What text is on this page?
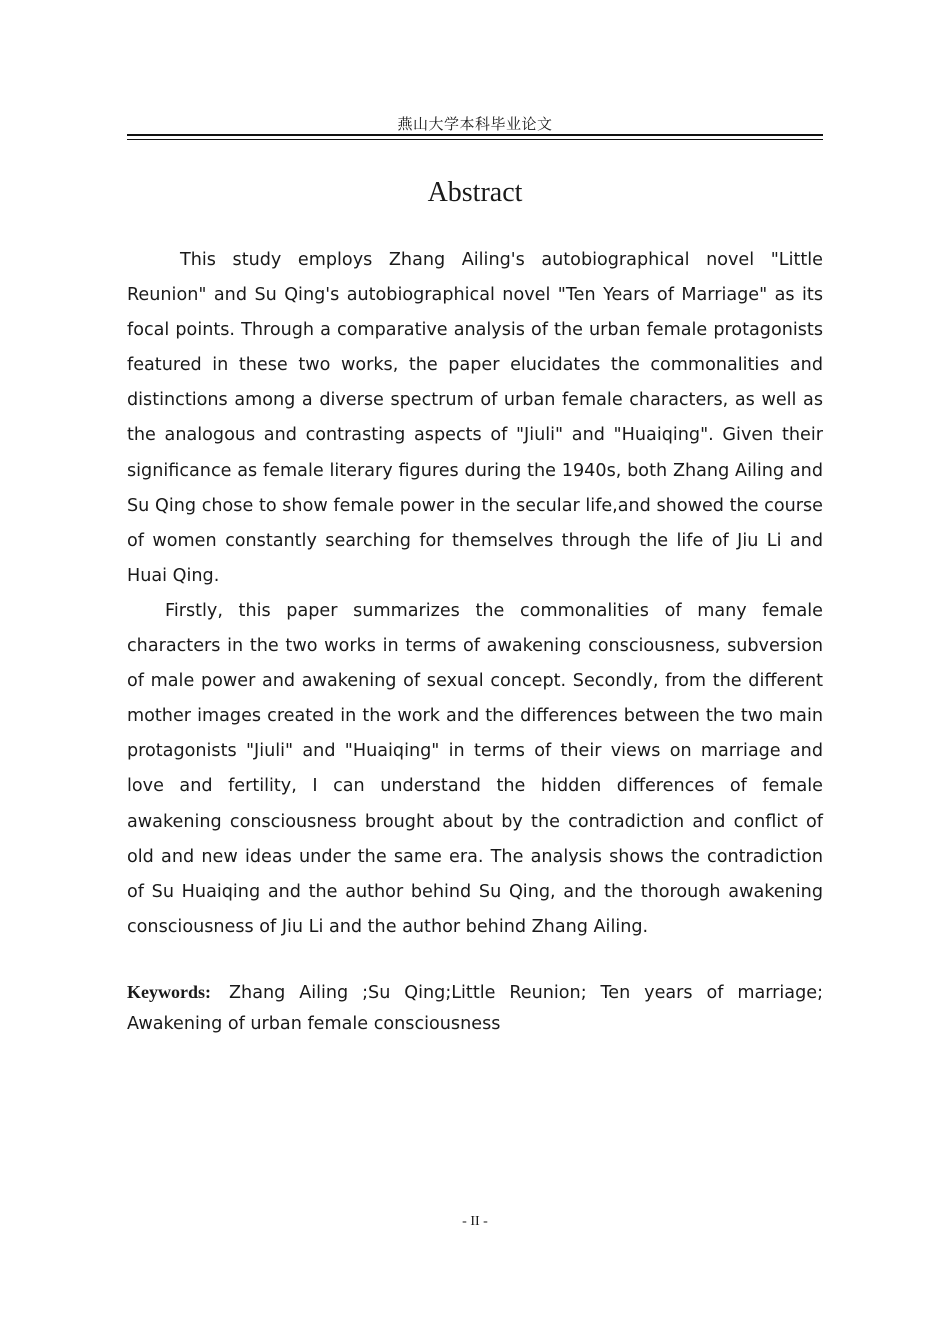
燕山大学本科毕业论文
Abstract

This study employs Zhang Ailing's autobiographical novel "Little Reunion" and Su Qing's autobiographical novel "Ten Years of Marriage" as its focal points. Through a comparative analysis of the urban female protagonists featured in these two works, the paper elucidates the commonalities and distinctions among a diverse spectrum of urban female characters, as well as the analogous and contrasting aspects of "Jiuli" and "Huaiqing". Given their significance as female literary figures during the 1940s, both Zhang Ailing and Su Qing chose to show female power in the secular life,and showed the course of women constantly searching for themselves through the life of Jiu Li and Huai Qing.

Firstly, this paper summarizes the commonalities of many female characters in the two works in terms of awakening consciousness, subversion of male power and awakening of sexual concept. Secondly, from the different mother images created in the work and the differences between the two main protagonists "Jiuli" and "Huaiqing" in terms of their views on marriage and love and fertility, I can understand the hidden differences of female awakening consciousness brought about by the contradiction and conflict of old and new ideas under the same era. The analysis shows the contradiction of Su Huaiqing and the author behind Su Qing, and the thorough awakening consciousness of Jiu Li and the author behind Zhang Ailing.

Keywords: Zhang Ailing ;Su Qing;Little Reunion; Ten years of marriage; Awakening of urban female consciousness
- II -
